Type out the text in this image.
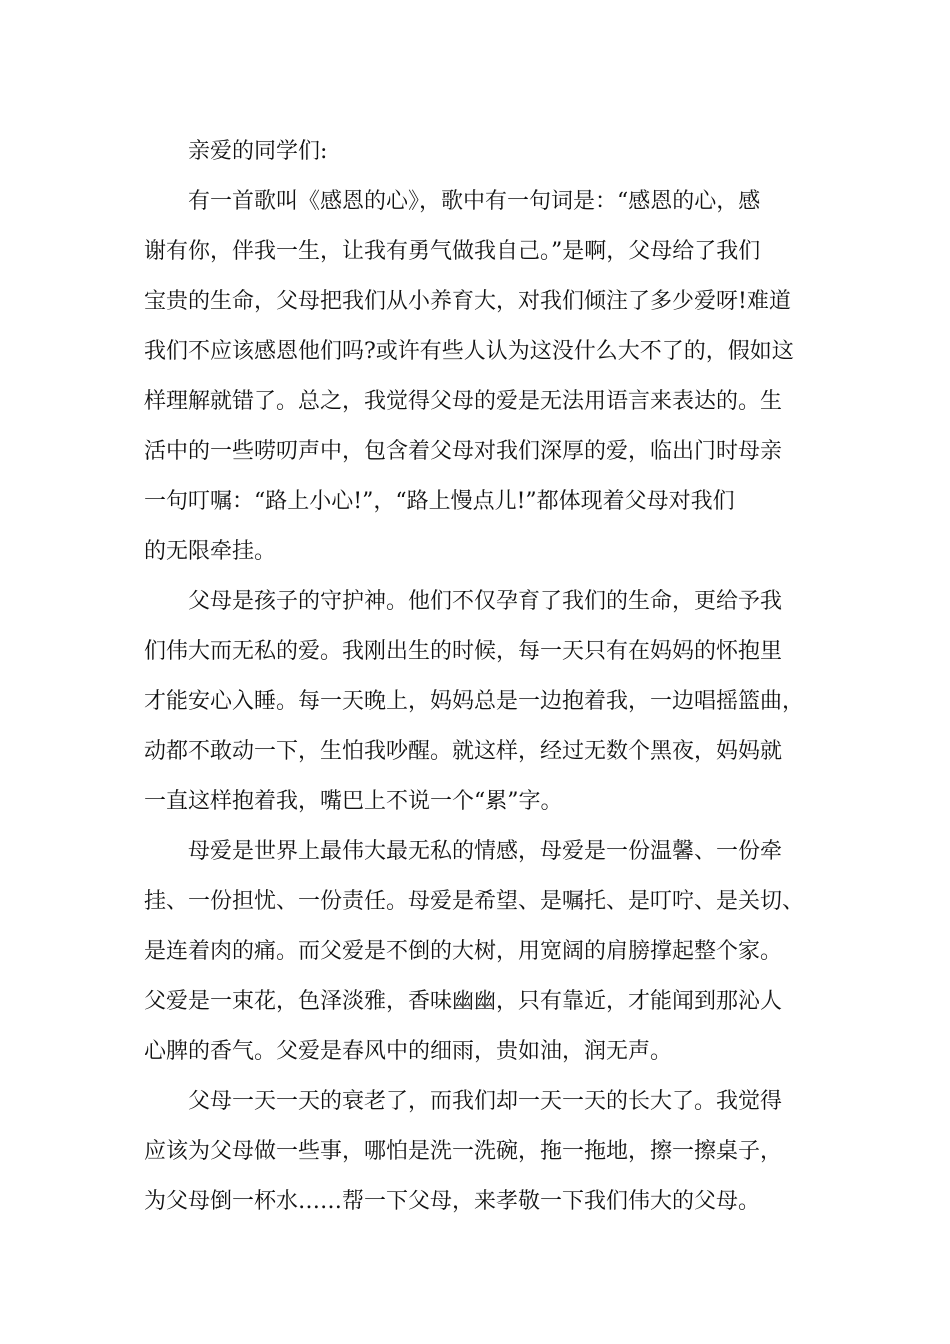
亲爱的同学们:

有一首歌叫《感恩的心》，歌中有一句词是：“感恩的心，感

谢有你，伴我一生，让我有勇气做我自己。”是啊，父母给了我们

宝贵的生命，父母把我们从小养育大，对我们倾注了多少爱呀!难道

我们不应该感恩他们吗?或许有些人认为这没什么大不了的，假如这

样理解就错了。总之，我觉得父母的爱是无法用语言来表达的。生

活中的一些唠叨声中，包含着父母对我们深厚的爱，临出门时母亲

一句叮嘱：“路上小心!”，“路上慢点儿!”都体现着父母对我们

的无限牵挂。

父母是孩子的守护神。他们不仅孕育了我们的生命，更给予我

们伟大而无私的爱。我刚出生的时候，每一天只有在妈妈的怀抱里

才能安心入睡。每一天晚上，妈妈总是一边抱着我，一边唱摇篮曲，

动都不敢动一下，生怕我吵醒。就这样，经过无数个黑夜，妈妈就

一直这样抱着我，嘴巴上不说一个“累”字。

母爱是世界上最伟大最无私的情感，母爱是一份温馨、一份牵

挂、一份担忧、一份责任。母爱是希望、是嘱托、是叮咛、是关切、

是连着肉的痛。而父爱是不倒的大树，用宽阔的肩膀撑起整个家。

父爱是一束花，色泽淡雅，香味幽幽，只有靠近，才能闻到那沁人

心脾的香气。父爱是春风中的细雨，贵如油，润无声。

父母一天一天的衰老了，而我们却一天一天的长大了。我觉得

应该为父母做一些事，哪怕是洗一洗碗，拖一拖地，擦一擦桌子，

为父母倒一杯水……帮一下父母，来孝敬一下我们伟大的父母。
